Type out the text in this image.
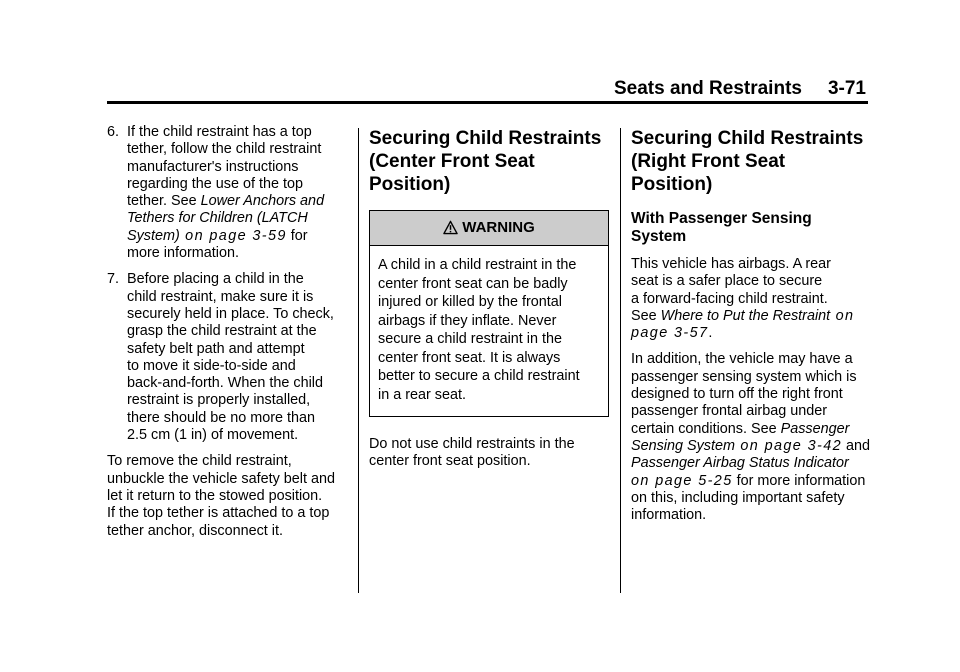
Seats and Restraints 3-71
6. If the child restraint has a top
tether, follow the child restraint
manufacturer's instructions
regarding the use of the top
tether. See Lower Anchors and
Tethers for Children (LATCH
System) on page 3-59 for
more information.
7. Before placing a child in the
child restraint, make sure it is
securely held in place. To check,
grasp the child restraint at the
safety belt path and attempt
to move it side-to-side and
back-and-forth. When the child
restraint is properly installed,
there should be no more than
2.5 cm (1 in) of movement.
To remove the child restraint,
unbuckle the vehicle safety belt and
let it return to the stowed position.
If the top tether is attached to a top
tether anchor, disconnect it.
Securing Child Restraints
(Center Front Seat
Position)
WARNING
A child in a child restraint in the
center front seat can be badly
injured or killed by the frontal
airbags if they inflate. Never
secure a child restraint in the
center front seat. It is always
better to secure a child restraint
in a rear seat.
Do not use child restraints in the
center front seat position.
Securing Child Restraints
(Right Front Seat
Position)
With Passenger Sensing
System
This vehicle has airbags. A rear
seat is a safer place to secure
a forward-facing child restraint.
See Where to Put the Restraint on
page 3-57.
In addition, the vehicle may have a
passenger sensing system which is
designed to turn off the right front
passenger frontal airbag under
certain conditions. See Passenger
Sensing System on page 3-42 and
Passenger Airbag Status Indicator
on page 5-25 for more information
on this, including important safety
information.
